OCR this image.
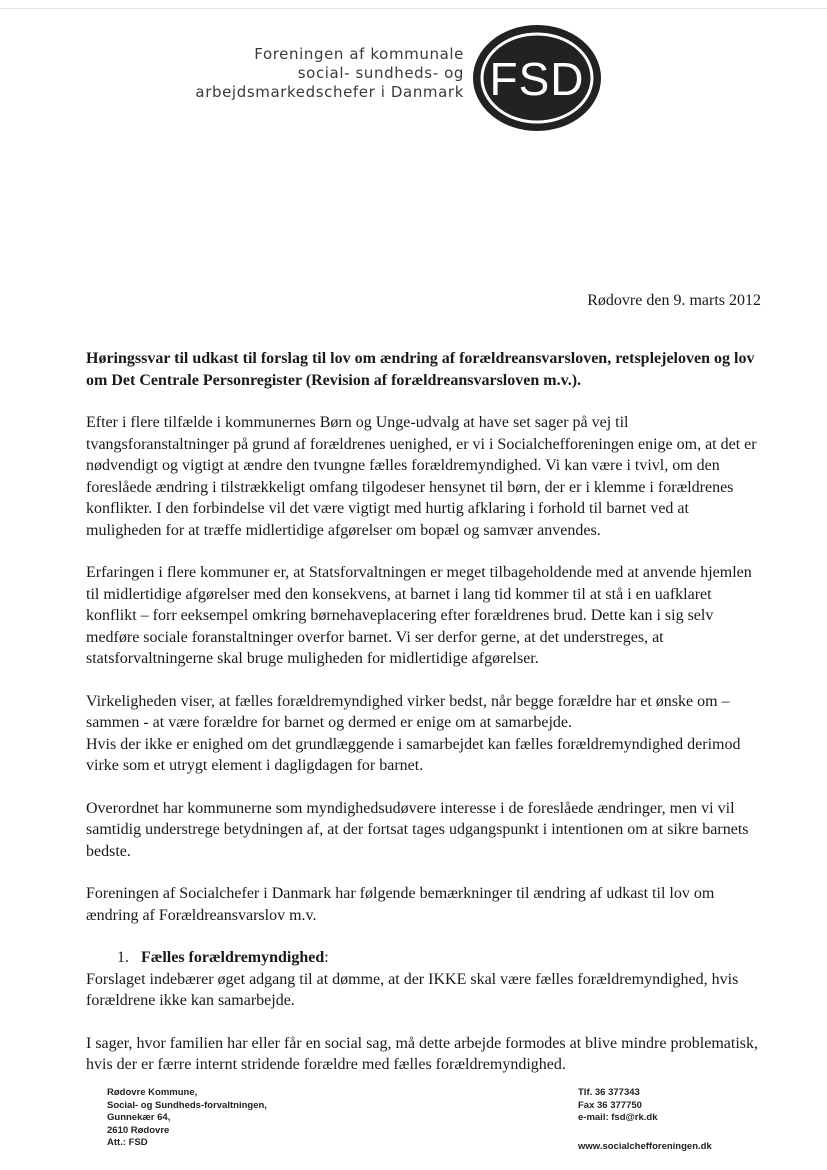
Foreningen af kommunale
social- sundheds- og
arbejdsmarkedschefer i Danmark FSD
Rødovre den 9. marts 2012

Høringssvar til udkast til forslag til lov om ændring af forældreansvarsloven, retsplejeloven og lov om Det Centrale Personregister (Revision af forældreansvarsloven m.v.).

Efter i flere tilfælde i kommunernes Børn og Unge-udvalg at have set sager på vej til tvangsforanstaltninger på grund af forældrenes uenighed, er vi i Socialchefforeningen enige om, at det er nødvendigt og vigtigt at ændre den tvungne fælles forældremyndighed. Vi kan være i tvivl, om den foreslåede ændring i tilstrækkeligt omfang tilgodeser hensynet til børn, der er i klemme i forældrenes konflikter. I den forbindelse vil det være vigtigt med hurtig afklaring i forhold til barnet ved at muligheden for at træffe midlertidige afgørelser om bopæl og samvær anvendes.

Erfaringen i flere kommuner er, at Statsforvaltningen er meget tilbageholdende med at anvende hjemlen til midlertidige afgørelser med den konsekvens, at barnet i lang tid kommer til at stå i en uafklaret konflikt – forr eeksempel omkring børnehaveplacering efter forældrenes brud. Dette kan i sig selv medføre sociale foranstaltninger overfor barnet. Vi ser derfor gerne, at det understreges, at statsforvaltningerne skal bruge muligheden for midlertidige afgørelser.

Virkeligheden viser, at fælles forældremyndighed virker bedst, når begge forældre har et ønske om – sammen - at være forældre for barnet og dermed er enige om at samarbejde.

Hvis der ikke er enighed om det grundlæggende i samarbejdet kan fælles forældremyndighed derimod virke som et utrygt element i dagligdagen for barnet.

Overordnet har kommunerne som myndighedsudøvere interesse i de foreslåede ændringer, men vi vil samtidig understrege betydningen af, at der fortsat tages udgangspunkt i intentionen om at sikre barnets bedste.

Foreningen af Socialchefer i Danmark har følgende bemærkninger til ændring af udkast til lov om ændring af Forældreansvarslov m.v.

1. Fælles forældremyndighed:

Forslaget indebærer øget adgang til at dømme, at der IKKE skal være fælles forældremyndighed, hvis forældrene ikke kan samarbejde.

I sager, hvor familien har eller får en social sag, må dette arbejde formodes at blive mindre problematisk, hvis der er færre internt stridende forældre med fælles forældremyndighed.

Rødovre Kommune,
Social- og Sundheds-forvaltningen,
Gunnekær 64,
2610 Rødovre
Att.: FSD
Tlf. 36 377343
Fax 36 377750
e-mail: fsd@rk.dk
www.socialchefforeningen.dk
